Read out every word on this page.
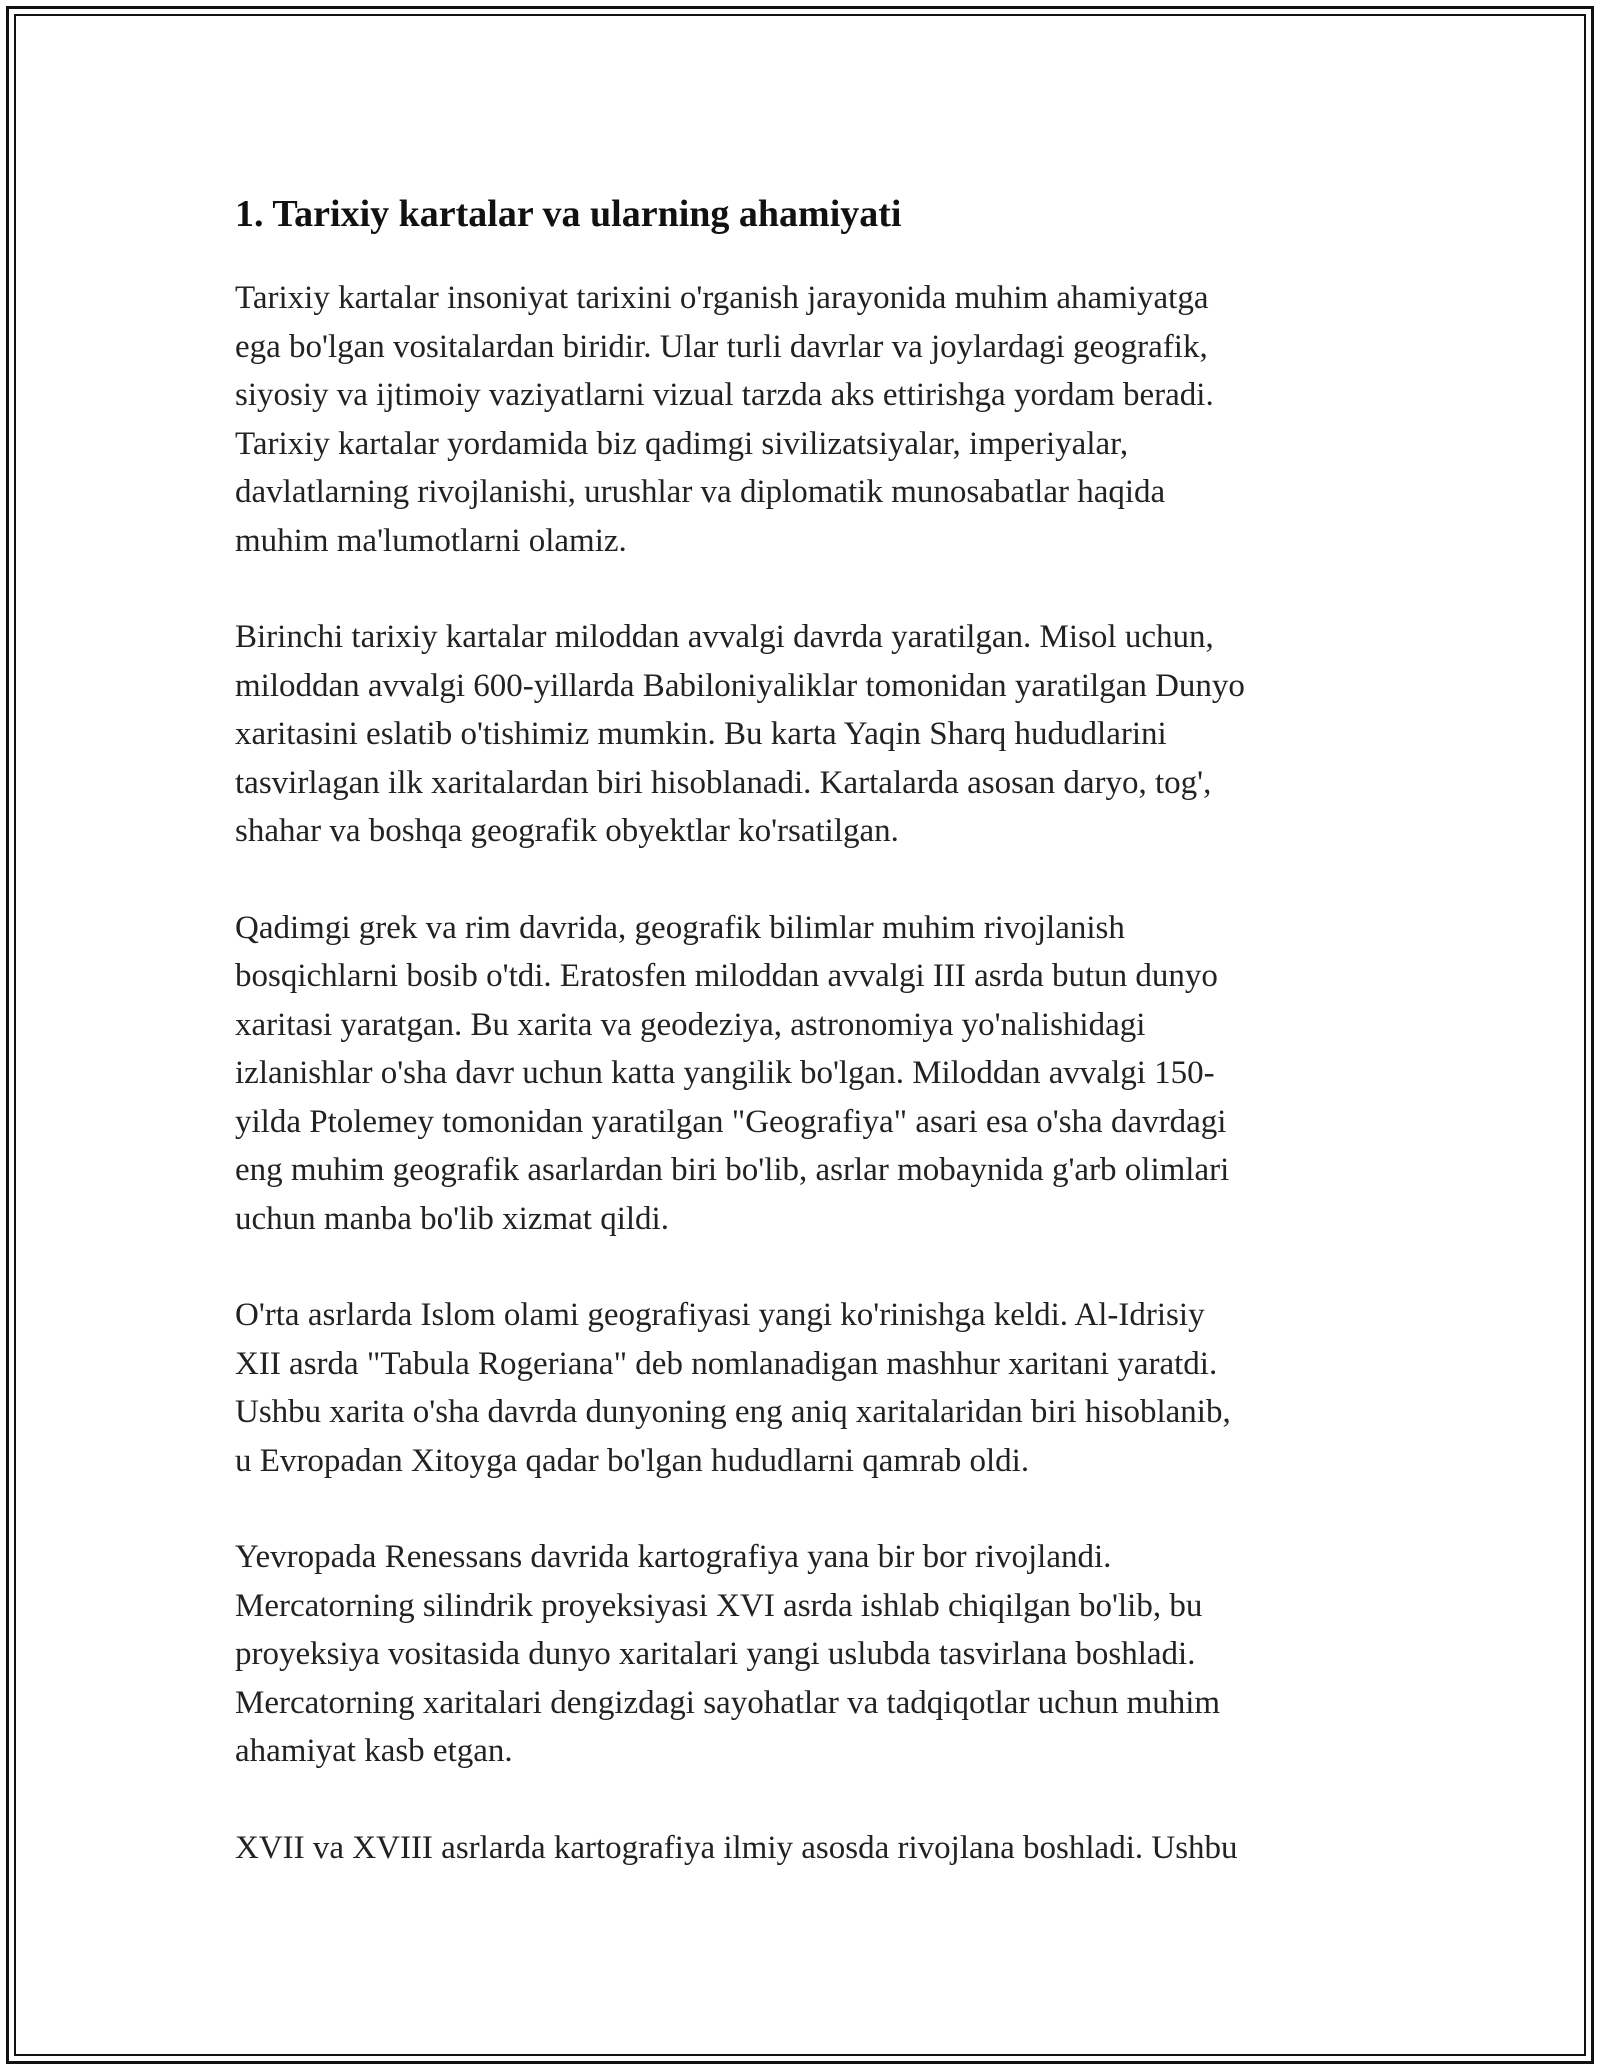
1. Tarixiy kartalar va ularning ahamiyati

Tarixiy kartalar insoniyat tarixini o'rganish jarayonida muhim ahamiyatga
ega bo'lgan vositalardan biridir. Ular turli davrlar va joylardagi geografik,
siyosiy va ijtimoiy vaziyatlarni vizual tarzda aks ettirishga yordam beradi.
Tarixiy kartalar yordamida biz qadimgi sivilizatsiyalar, imperiyalar,
davlatlarning rivojlanishi, urushlar va diplomatik munosabatlar haqida
muhim ma'lumotlarni olamiz.

Birinchi tarixiy kartalar miloddan avvalgi davrda yaratilgan. Misol uchun,
miloddan avvalgi 600-yillarda Babiloniyaliklar tomonidan yaratilgan Dunyo
xaritasini eslatib o'tishimiz mumkin. Bu karta Yaqin Sharq hududlarini
tasvirlagan ilk xaritalardan biri hisoblanadi. Kartalarda asosan daryo, tog',
shahar va boshqa geografik obyektlar ko'rsatilgan.

Qadimgi grek va rim davrida, geografik bilimlar muhim rivojlanish
bosqichlarni bosib o'tdi. Eratosfen miloddan avvalgi III asrda butun dunyo
xaritasi yaratgan. Bu xarita va geodeziya, astronomiya yo'nalishidagi
izlanishlar o'sha davr uchun katta yangilik bo'lgan. Miloddan avvalgi 150-
yilda Ptolemey tomonidan yaratilgan "Geografiya" asari esa o'sha davrdagi
eng muhim geografik asarlardan biri bo'lib, asrlar mobaynida g'arb olimlari
uchun manba bo'lib xizmat qildi.

O'rta asrlarda Islom olami geografiyasi yangi ko'rinishga keldi. Al-Idrisiy
XII asrda "Tabula Rogeriana" deb nomlanadigan mashhur xaritani yaratdi.
Ushbu xarita o'sha davrda dunyoning eng aniq xaritalaridan biri hisoblanib,
u Evropadan Xitoyga qadar bo'lgan hududlarni qamrab oldi.

Yevropada Renessans davrida kartografiya yana bir bor rivojlandi.
Mercatorning silindrik proyeksiyasi XVI asrda ishlab chiqilgan bo'lib, bu
proyeksiya vositasida dunyo xaritalari yangi uslubda tasvirlana boshladi.
Mercatorning xaritalari dengizdagi sayohatlar va tadqiqotlar uchun muhim
ahamiyat kasb etgan.

XVII va XVIII asrlarda kartografiya ilmiy asosda rivojlana boshladi. Ushbu
